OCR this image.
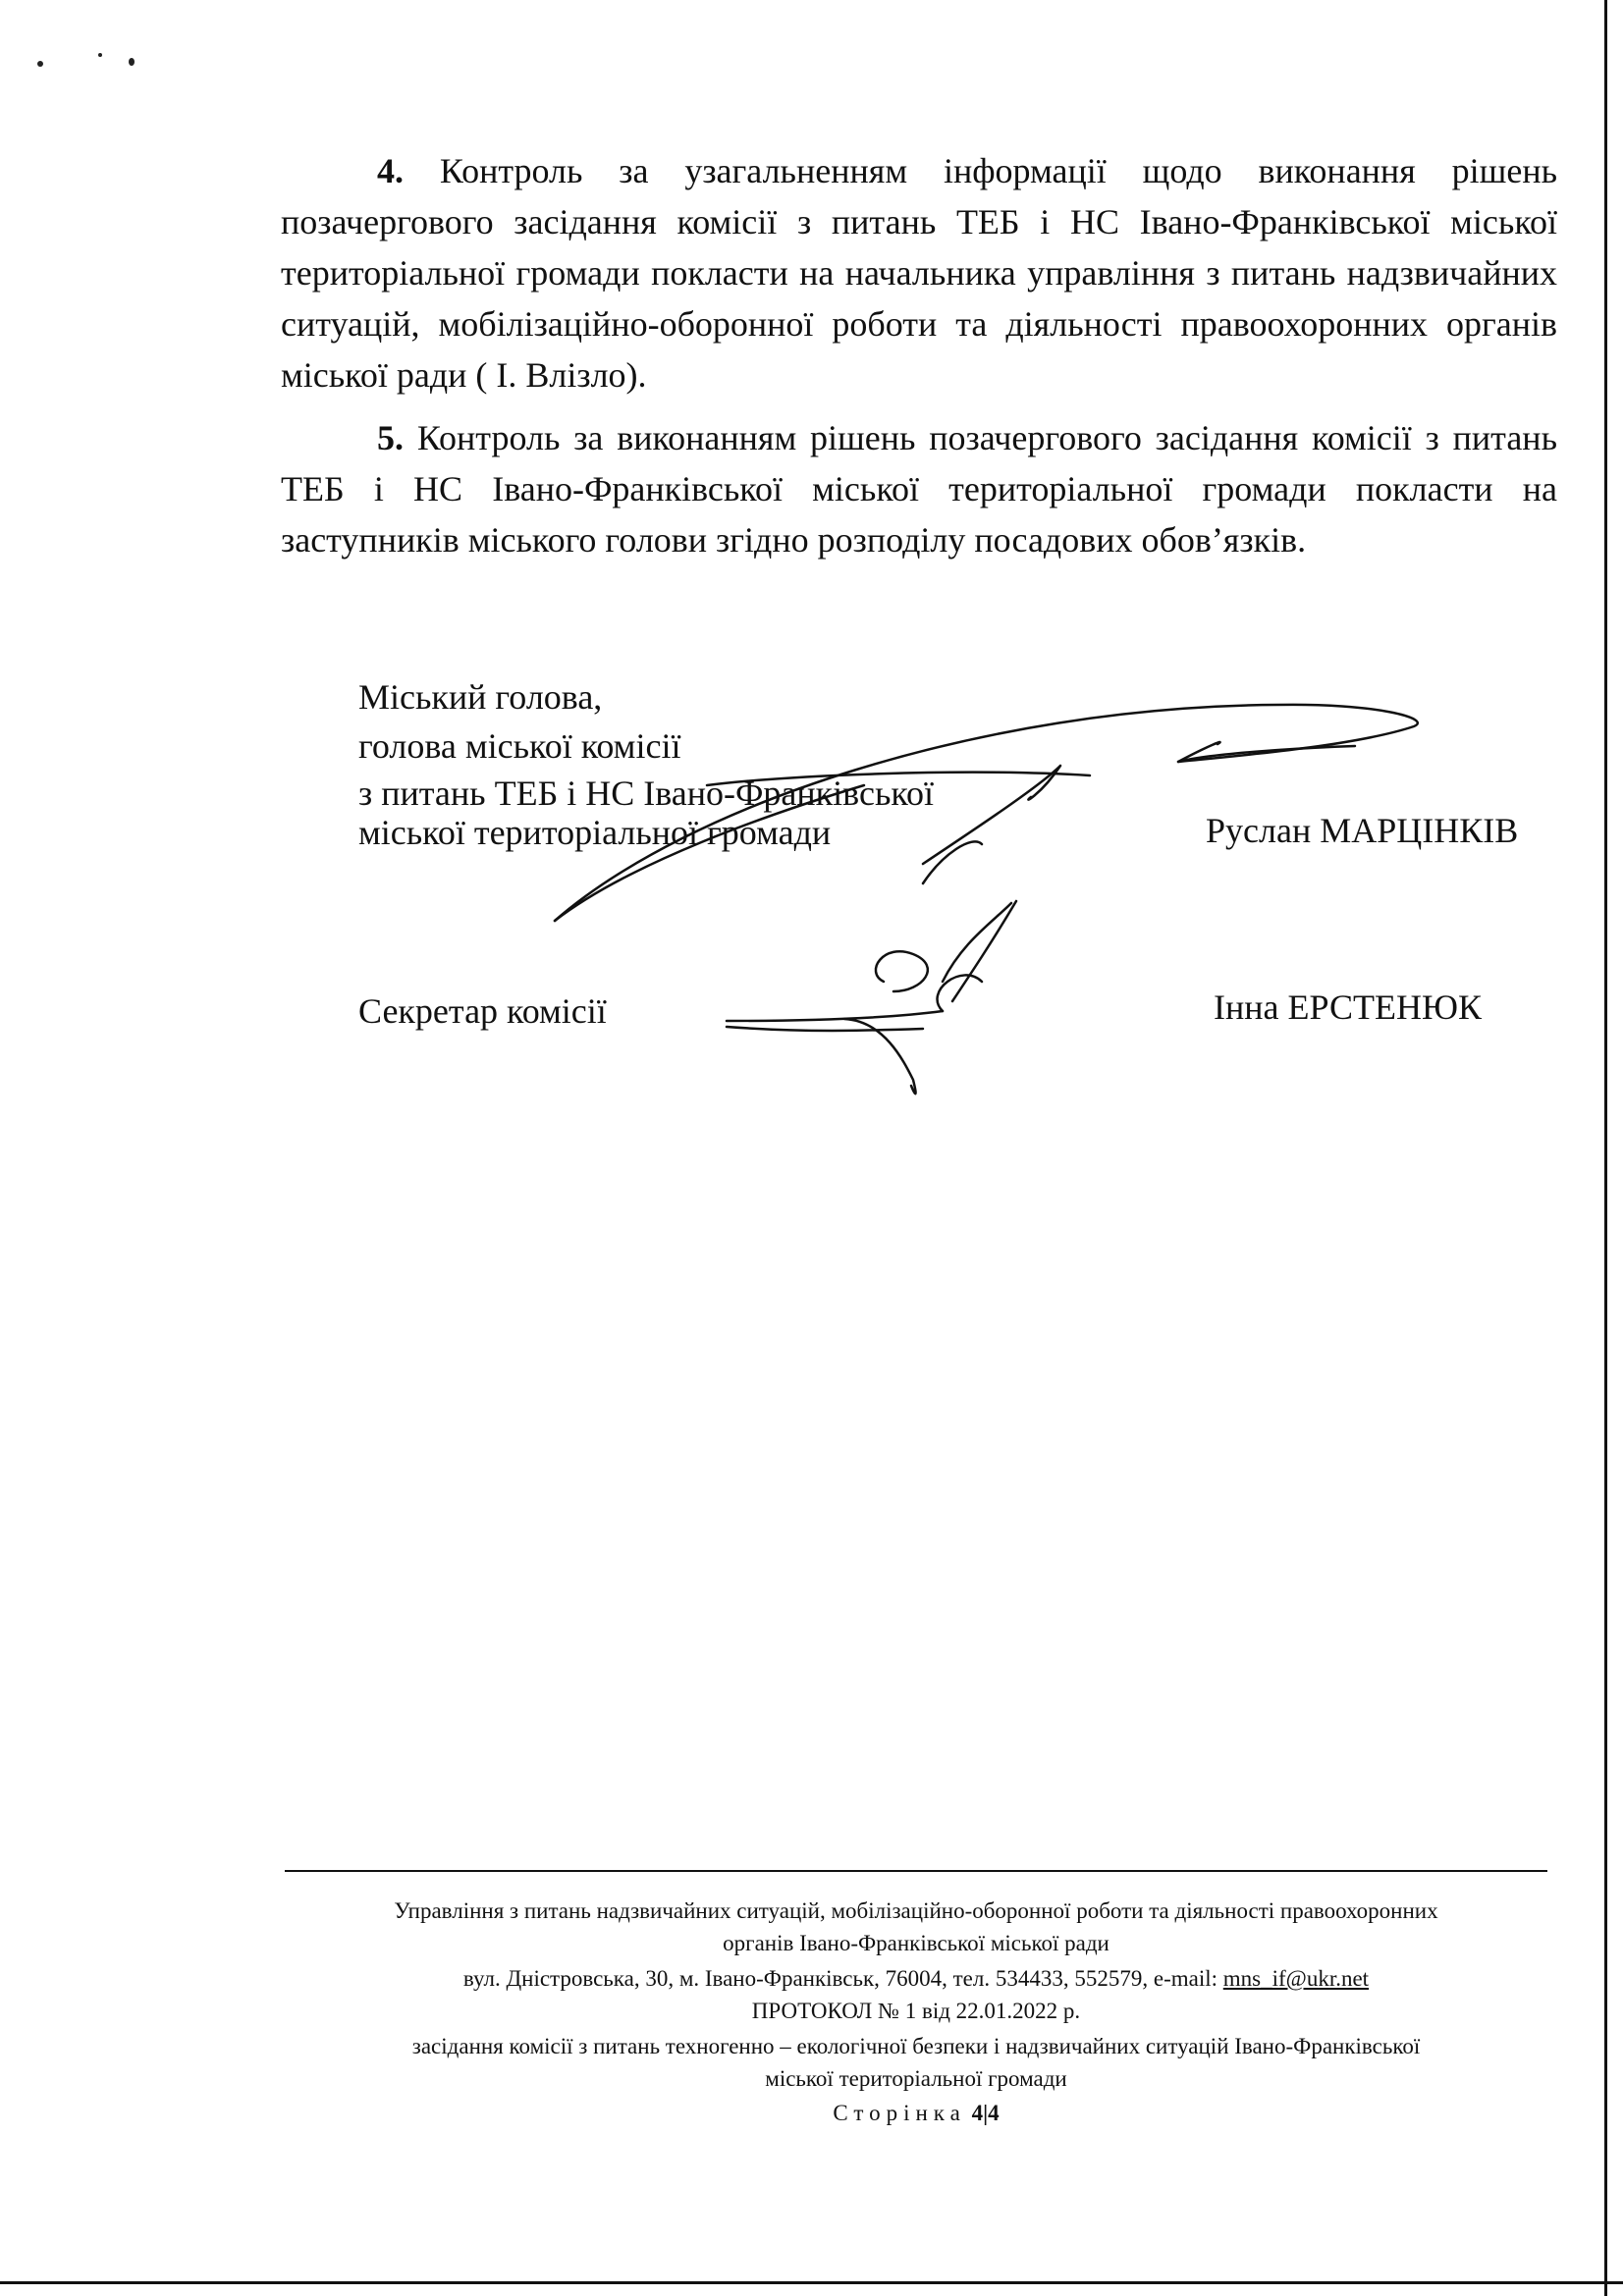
4. Контроль за узагальненням інформації щодо виконання рішень позачергового засідання комісії з питань ТЕБ і НС Івано-Франківської міської територіальної громади покласти на начальника управління з питань надзвичайних ситуацій, мобілізаційно-оборонної роботи та діяльності правоохоронних органів міської ради ( І. Влізло).

5. Контроль за виконанням рішень позачергового засідання комісії з питань ТЕБ і НС Івано-Франківської міської територіальної громади покласти на заступників міського голови згідно розподілу посадових обов’язків.

Міський голова,
голова міської комісії
з питань ТЕБ і НС Івано-Франківської
міської територіальної громади	Руслан МАРЦІНКІВ
Секретар комісії	Інна ЕРСТЕНЮК

Управління з питань надзвичайних ситуацій, мобілізаційно-оборонної роботи та діяльності правоохоронних

органів Івано-Франківської міської ради

вул. Дністровська, 30, м. Івано-Франківськ, 76004, тел. 534433, 552579, e-mail: mns_if@ukr.net

ПРОТОКОЛ № 1 від 22.01.2022 р.

засідання комісії з питань техногенно – екологічної безпеки і надзвичайних ситуацій Івано-Франківської

міської територіальної громади

Сторінка 4|4
